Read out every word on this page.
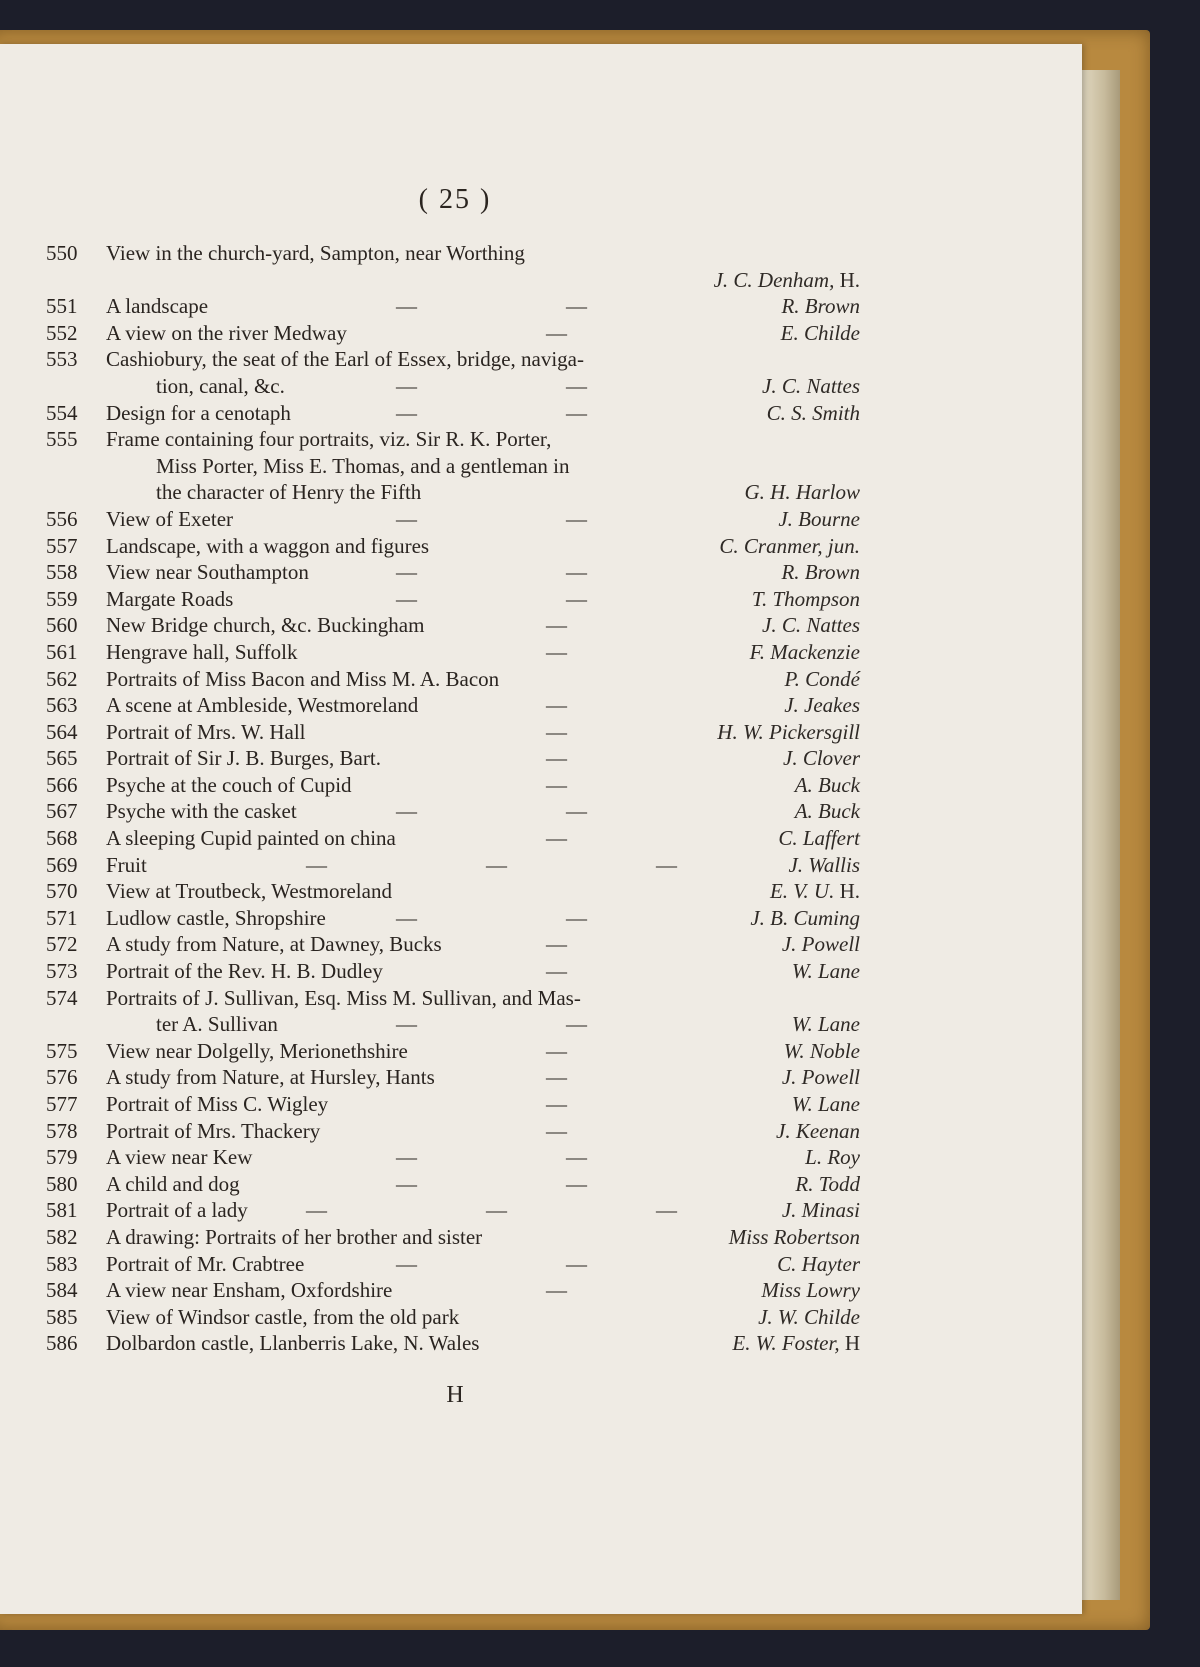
( 25 )
550	View in the church-yard, Sampton, near Worthing
J. C. Denham, H.
551	A landscape	—	—	R. Brown
552	A view on the river Medway	—	E. Childe
553	Cashiobury, the seat of the Earl of Essex, bridge, naviga-
tion, canal, &c.	—	—	J. C. Nattes
554	Design for a cenotaph	—	—	C. S. Smith
555	Frame containing four portraits, viz. Sir R. K. Porter,
Miss Porter, Miss E. Thomas, and a gentleman in
the character of Henry the Fifth	G. H. Harlow
556	View of Exeter	—	—	J. Bourne
557	Landscape, with a waggon and figures	C. Cranmer, jun.
558	View near Southampton	—	—	R. Brown
559	Margate Roads	—	—	T. Thompson
560	New Bridge church, &c. Buckingham	—	J. C. Nattes
561	Hengrave hall, Suffolk	—	F. Mackenzie
562	Portraits of Miss Bacon and Miss M. A. Bacon	P. Condé
563	A scene at Ambleside, Westmoreland	—	J. Jeakes
564	Portrait of Mrs. W. Hall	—	H. W. Pickersgill
565	Portrait of Sir J. B. Burges, Bart.	—	J. Clover
566	Psyche at the couch of Cupid	—	A. Buck
567	Psyche with the casket	—	—	A. Buck
568	A sleeping Cupid painted on china	—	C. Laffert
569	Fruit	—	—	—	J. Wallis
570	View at Troutbeck, Westmoreland	E. V. U. H.
571	Ludlow castle, Shropshire	—	—	J. B. Cuming
572	A study from Nature, at Dawney, Bucks	—	J. Powell
573	Portrait of the Rev. H. B. Dudley	—	W. Lane
574	Portraits of J. Sullivan, Esq. Miss M. Sullivan, and Mas-
ter A. Sullivan	—	—	W. Lane
575	View near Dolgelly, Merionethshire	—	W. Noble
576	A study from Nature, at Hursley, Hants	—	J. Powell
577	Portrait of Miss C. Wigley	—	W. Lane
578	Portrait of Mrs. Thackery	—	J. Keenan
579	A view near Kew	—	—	L. Roy
580	A child and dog	—	—	R. Todd
581	Portrait of a lady	—	—	—	J. Minasi
582	A drawing: Portraits of her brother and sister	Miss Robertson
583	Portrait of Mr. Crabtree	—	—	C. Hayter
584	A view near Ensham, Oxfordshire	—	Miss Lowry
585	View of Windsor castle, from the old park	J. W. Childe
586	Dolbardon castle, Llanberris Lake, N. Wales	E. W. Foster, H
H
